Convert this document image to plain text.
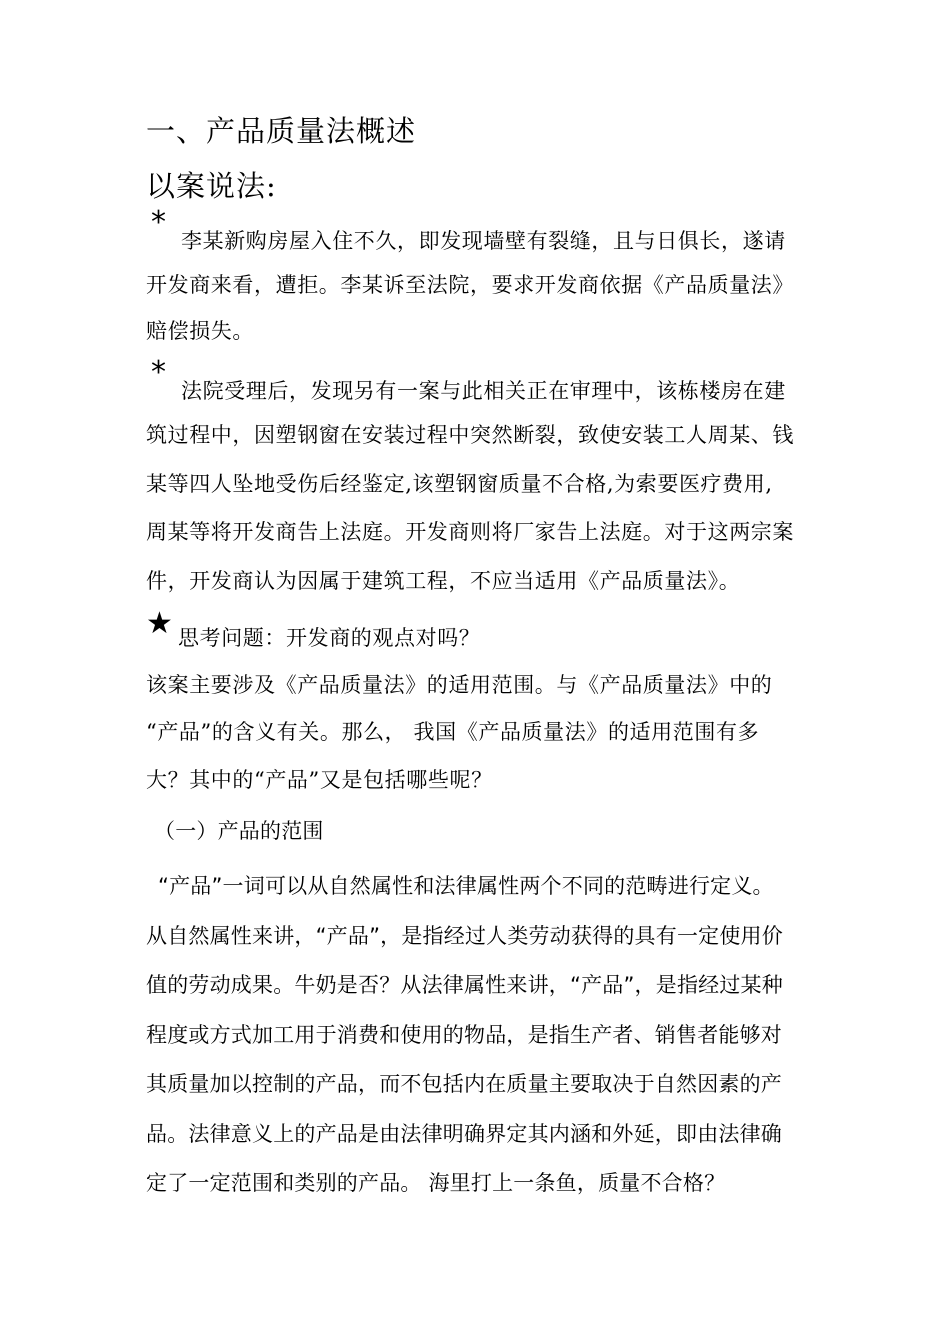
一、产品质量法概述
以案说法:
*
李某新购房屋入住不久，即发现墙壁有裂缝，且与日俱长，遂请
开发商来看，遭拒。李某诉至法院，要求开发商依据《产品质量法》
赔偿损失。
*
法院受理后，发现另有一案与此相关正在审理中，该栋楼房在建
筑过程中，因塑钢窗在安装过程中突然断裂，致使安装工人周某、钱
某等四人坠地受伤后经鉴定,该塑钢窗质量不合格,为索要医疗费用,
周某等将开发商告上法庭。开发商则将厂家告上法庭。对于这两宗案
件，开发商认为因属于建筑工程，不应当适用《产品质量法》。
★ 思考问题：开发商的观点对吗？
该案主要涉及《产品质量法》的适用范围。与《产品质量法》中的
“产品”的含义有关。那么， 我国《产品质量法》的适用范围有多
大？其中的“产品”又是包括哪些呢？
（一）产品的范围
“产品”一词可以从自然属性和法律属性两个不同的范畴进行定义。
从自然属性来讲，“产品”，是指经过人类劳动获得的具有一定使用价
值的劳动成果。牛奶是否？从法律属性来讲，“产品”，是指经过某种
程度或方式加工用于消费和使用的物品，是指生产者、销售者能够对
其质量加以控制的产品，而不包括内在质量主要取决于自然因素的产
品。法律意义上的产品是由法律明确界定其内涵和外延，即由法律确
定了一定范围和类别的产品。 海里打上一条鱼，质量不合格？
